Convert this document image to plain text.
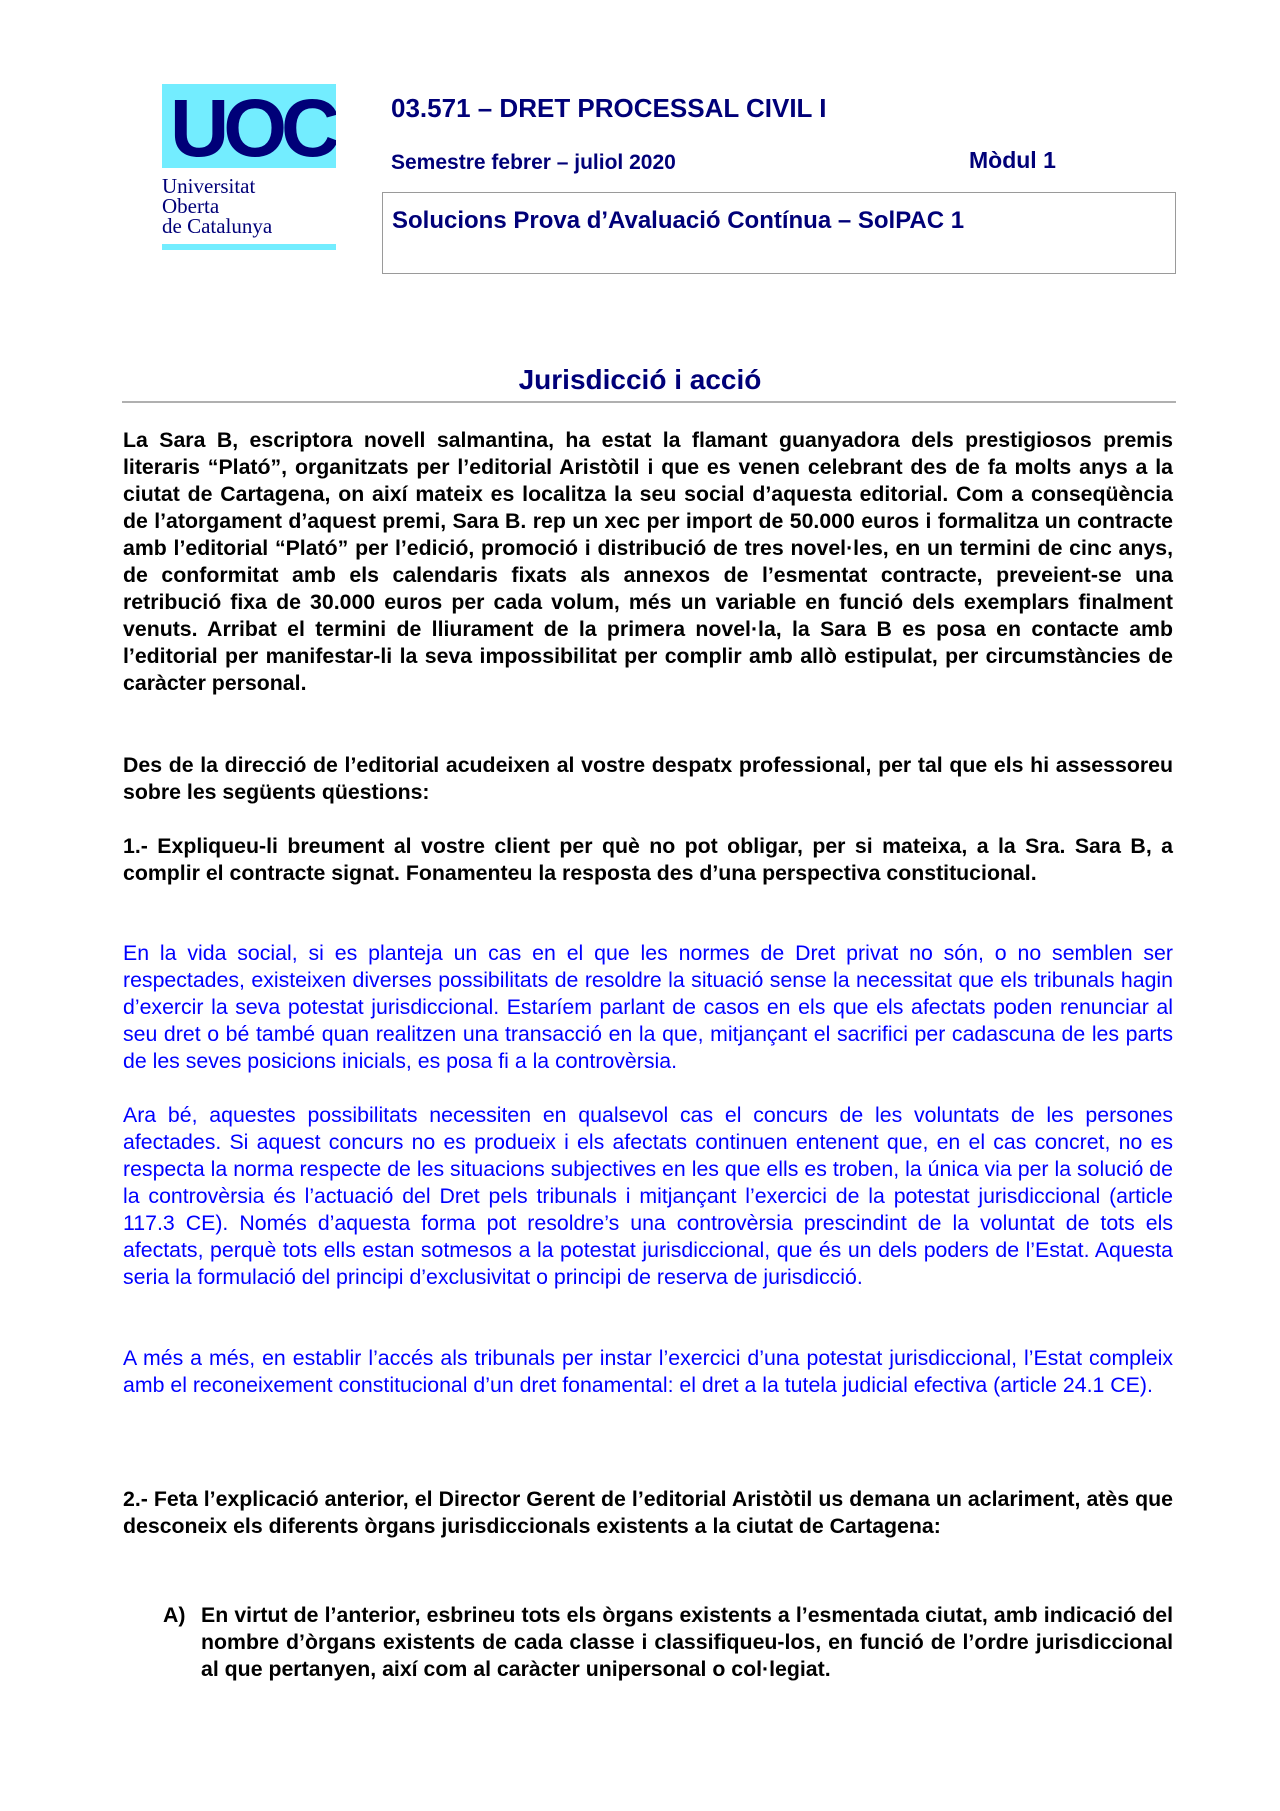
UOC
Universitat
Oberta
de Catalunya
03.571 – DRET PROCESSAL CIVIL I
Semestre febrer – juliol 2020	Mòdul 1
Solucions Prova d’Avaluació Contínua – SolPAC 1
Jurisdicció i acció

La Sara B, escriptora novell salmantina, ha estat la flamant guanyadora dels prestigiosos premis literaris “Plató”, organitzats per l’editorial Aristòtil i que es venen celebrant des de fa molts anys a la ciutat de Cartagena, on així mateix es localitza la seu social d’aquesta editorial. Com a conseqüència de l’atorgament d’aquest premi, Sara B. rep un xec per import de 50.000 euros i formalitza un contracte amb l’editorial “Plató” per l’edició, promoció i distribució de tres novel·les, en un termini de cinc anys, de conformitat amb els calendaris fixats als annexos de l’esmentat contracte, preveient-se una retribució fixa de 30.000 euros per cada volum, més un variable en funció dels exemplars finalment venuts. Arribat el termini de lliurament de la primera novel·la, la Sara B es posa en contacte amb l’editorial per manifestar-li la seva impossibilitat per complir amb allò estipulat, per circumstàncies de caràcter personal.

Des de la direcció de l’editorial acudeixen al vostre despatx professional, per tal que els hi assessoreu sobre les següents qüestions:

1.- Expliqueu-li breument al vostre client per què no pot obligar, per si mateixa, a la Sra. Sara B, a complir el contracte signat. Fonamenteu la resposta des d’una perspectiva constitucional.

En la vida social, si es planteja un cas en el que les normes de Dret privat no són, o no semblen ser respectades, existeixen diverses possibilitats de resoldre la situació sense la necessitat que els tribunals hagin d’exercir la seva potestat jurisdiccional. Estaríem parlant de casos en els que els afectats poden renunciar al seu dret o bé també quan realitzen una transacció en la que, mitjançant el sacrifici per cadascuna de les parts de les seves posicions inicials, es posa fi a la controvèrsia.

Ara bé, aquestes possibilitats necessiten en qualsevol cas el concurs de les voluntats de les persones afectades. Si aquest concurs no es produeix i els afectats continuen entenent que, en el cas concret, no es respecta la norma respecte de les situacions subjectives en les que ells es troben, la única via per la solució de la controvèrsia és l’actuació del Dret pels tribunals i mitjançant l’exercici de la potestat jurisdiccional (article 117.3 CE). Només d’aquesta forma pot resoldre’s una controvèrsia prescindint de la voluntat de tots els afectats, perquè tots ells estan sotmesos a la potestat jurisdiccional, que és un dels poders de l’Estat. Aquesta seria la formulació del principi d’exclusivitat o principi de reserva de jurisdicció.

A més a més, en establir l’accés als tribunals per instar l’exercici d’una potestat jurisdiccional, l’Estat compleix amb el reconeixement constitucional d’un dret fonamental: el dret a la tutela judicial efectiva (article 24.1 CE).

2.- Feta l’explicació anterior, el Director Gerent de l’editorial Aristòtil us demana un aclariment, atès que desconeix els diferents òrgans jurisdiccionals existents a la ciutat de Cartagena:

A) En virtut de l’anterior, esbrineu tots els òrgans existents a l’esmentada ciutat, amb indicació del nombre d’òrgans existents de cada classe i classifiqueu-los, en funció de l’ordre jurisdiccional al que pertanyen, així com al caràcter unipersonal o col·legiat.
